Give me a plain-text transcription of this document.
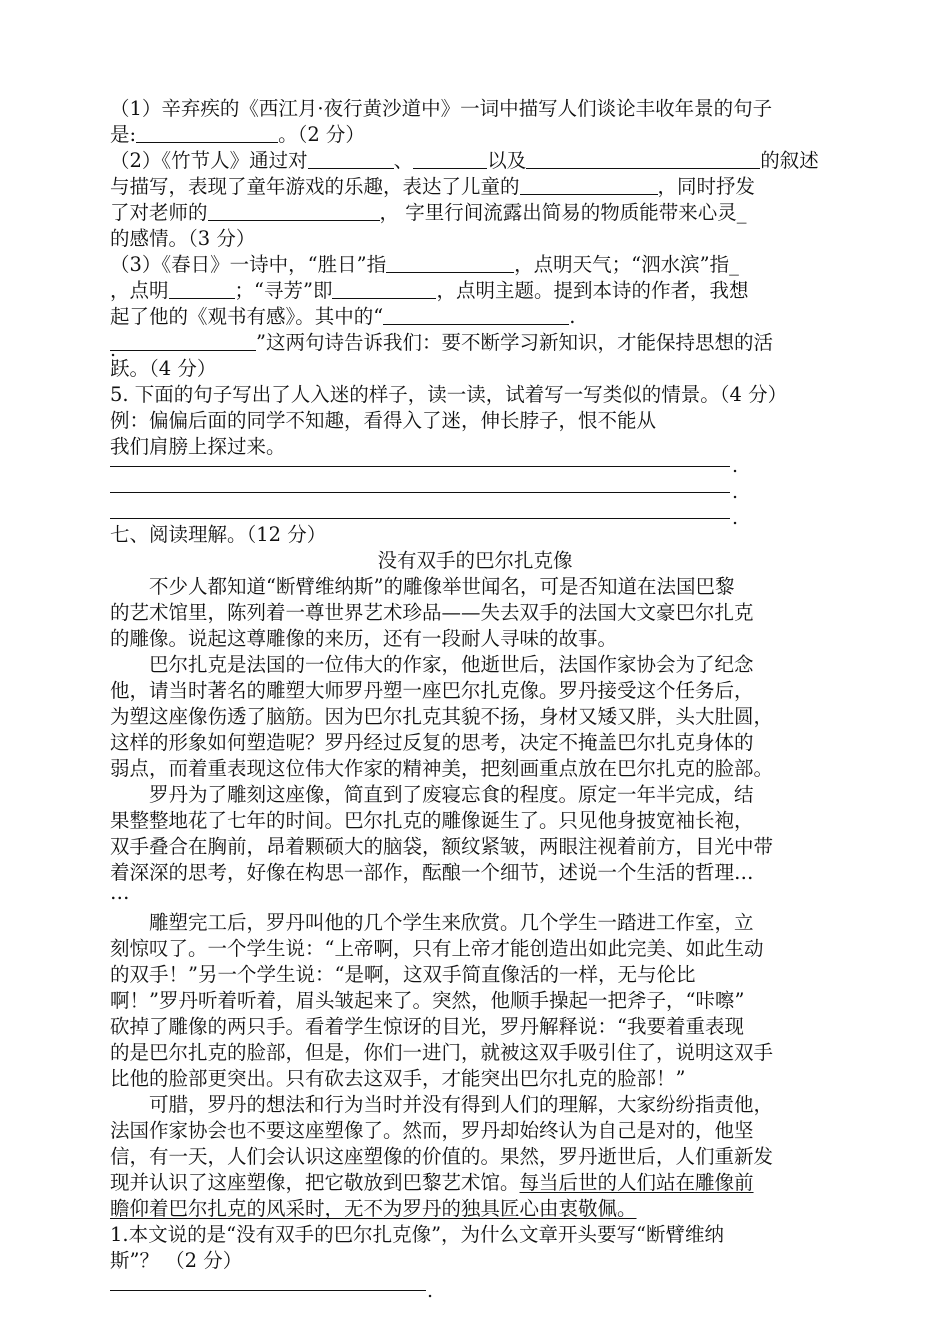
（1）辛弃疾的《西江月·夜行黄沙道中》一词中描写人们谈论丰收年景的句子
是:	。（2 分）
（2）《竹节人》通过对	、	以及	的叙述
与描写，表现了童年游戏的乐趣，表达了儿童的	，同时抒发
了对老师的	， 字里行间流露出简易的物质能带来心灵_
的感情。（3 分）
（3）《春日》一诗中，“胜日”指	，点明天气；“泗水滨”指_
，点明	；“寻芳”即	，点明主题。提到本诗的作者，我想
起了他的《观书有感》。其中的“	.
”这两句诗告诉我们：要不断学习新知识，才能保持思想的活
.
跃。（4 分）
5. 下面的句子写出了人入迷的样子，读一读，试着写一写类似的情景。（4 分）
例：偏偏后面的同学不知趣，看得入了迷，伸长脖子，恨不能从
我们肩膀上探过来。
.
.
.
七、阅读理解。（12 分）
没有双手的巴尔扎克像
不少人都知道“断臂维纳斯”的雕像举世闻名，可是否知道在法国巴黎
的艺术馆里，陈列着一尊世界艺术珍品——失去双手的法国大文豪巴尔扎克
的雕像。说起这尊雕像的来历，还有一段耐人寻味的故事。
巴尔扎克是法国的一位伟大的作家，他逝世后，法国作家协会为了纪念
他，请当时著名的雕塑大师罗丹塑一座巴尔扎克像。罗丹接受这个任务后，
为塑这座像伤透了脑筋。因为巴尔扎克其貌不扬，身材又矮又胖，头大肚圆，
这样的形象如何塑造呢？罗丹经过反复的思考，决定不掩盖巴尔扎克身体的
弱点，而着重表现这位伟大作家的精神美，把刻画重点放在巴尔扎克的脸部。
罗丹为了雕刻这座像，简直到了废寝忘食的程度。原定一年半完成，结
果整整地花了七年的时间。巴尔扎克的雕像诞生了。只见他身披宽袖长袍，
双手叠合在胸前，昂着颗硕大的脑袋，额纹紧皱，两眼注视着前方，目光中带
着深深的思考，好像在构思一部作，酝酿一个细节，述说一个生活的哲理…
…
雕塑完工后，罗丹叫他的几个学生来欣赏。几个学生一踏进工作室，立
刻惊叹了。一个学生说：“上帝啊，只有上帝才能创造出如此完美、如此生动
的双手！”另一个学生说：“是啊，这双手简直像活的一样，无与伦比
啊！”罗丹听着听着，眉头皱起来了。突然，他顺手操起一把斧子，“咔嚓”
砍掉了雕像的两只手。看着学生惊讶的目光，罗丹解释说：“我要着重表现
的是巴尔扎克的脸部，但是，你们一进门，就被这双手吸引住了，说明这双手
比他的脸部更突出。只有砍去这双手，才能突出巴尔扎克的脸部！”
可腊，罗丹的想法和行为当时并没有得到人们的理解，大家纷纷指责他，
法国作家协会也不要这座塑像了。然而，罗丹却始终认为自己是对的，他坚
信，有一天，人们会认识这座塑像的价值的。果然，罗丹逝世后，人们重新发
现并认识了这座塑像，把它敬放到巴黎艺术馆。每当后世的人们站在雕像前
瞻仰着巴尔扎克的风采时，无不为罗丹的独具匠心由衷敬佩。
1.本文说的是“没有双手的巴尔扎克像”，为什么文章开头要写“断臂维纳
斯”？ （2 分）
.
